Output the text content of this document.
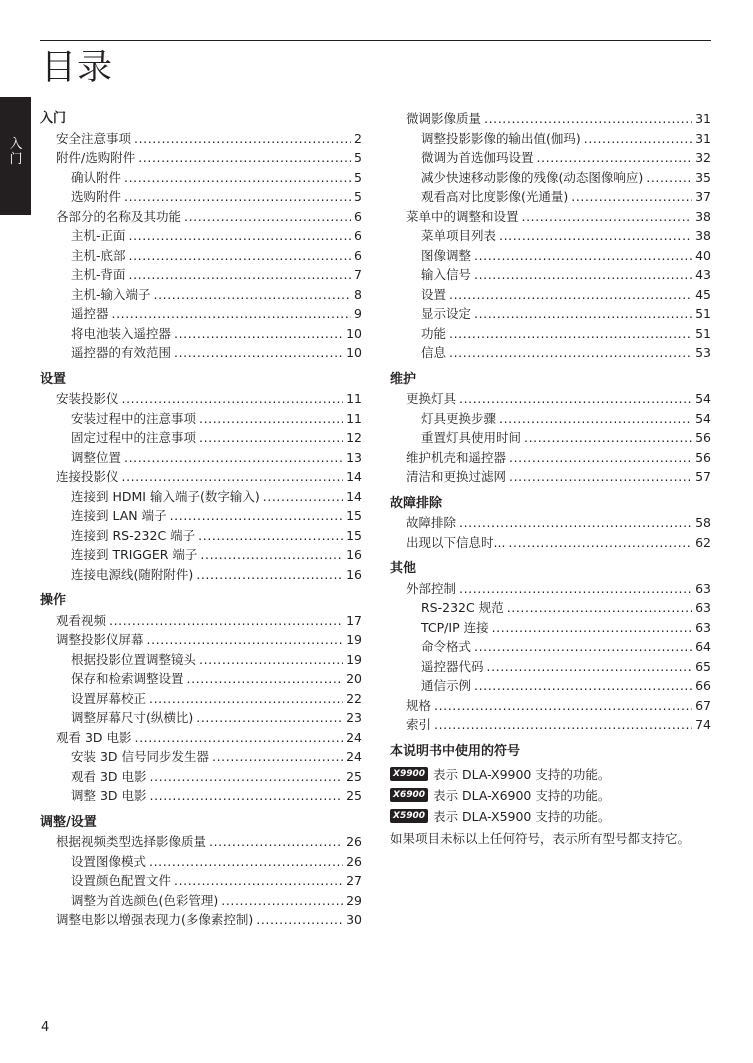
目录
入门
入门
安全注意事项 .....	2
附件/选购附件 .....	5
确认附件 .....	5
选购附件 .....	5
各部分的名称及其功能 .....	6
主机-正面 .....	6
主机-底部 .....	6
主机-背面 .....	7
主机-输入端子 .....	8
遥控器 .....	9
将电池装入遥控器 .....	10
遥控器的有效范围 .....	10
设置
安装投影仪 .....	11
安装过程中的注意事项 .....	11
固定过程中的注意事项 .....	12
调整位置 .....	13
连接投影仪 .....	14
连接到 HDMI 输入端子(数字输入) .....	14
连接到 LAN 端子 .....	15
连接到 RS-232C 端子 .....	15
连接到 TRIGGER 端子 .....	16
连接电源线(随附附件) .....	16
操作
观看视频 .....	17
调整投影仪屏幕 .....	19
根据投影位置调整镜头 .....	19
保存和检索调整设置 .....	20
设置屏幕校正 .....	22
调整屏幕尺寸(纵横比) .....	23
观看 3D 电影 .....	24
安装 3D 信号同步发生器 .....	24
观看 3D 电影 .....	25
调整 3D 电影 .....	25
调整/设置
根据视频类型选择影像质量 .....	26
设置图像模式 .....	26
设置颜色配置文件 .....	27
调整为首选颜色(色彩管理) .....	29
调整电影以增强表现力(多像素控制) .....	30
微调影像质量 .....	31
调整投影影像的输出值(伽玛) .....	31
微调为首选伽玛设置 .....	32
减少快速移动影像的残像(动态图像响应) .....	35
观看高对比度影像(光通量) .....	37
菜单中的调整和设置 .....	38
菜单项目列表 .....	38
图像调整 .....	40
输入信号 .....	43
设置 .....	45
显示设定 .....	51
功能 .....	51
信息 .....	53
维护
更换灯具 .....	54
灯具更换步骤 .....	54
重置灯具使用时间 .....	56
维护机壳和遥控器 .....	56
清洁和更换过滤网 .....	57
故障排除
故障排除 .....	58
出现以下信息时... .....	62
其他
外部控制 .....	63
RS-232C 规范 .....	63
TCP/IP 连接 .....	63
命令格式 .....	64
遥控器代码 .....	65
通信示例 .....	66
规格 .....	67
索引 .....	74
本说明书中使用的符号
X9900 表示 DLA-X9900 支持的功能。
X6900 表示 DLA-X6900 支持的功能。
X5900 表示 DLA-X5900 支持的功能。
如果项目未标以上任何符号，表示所有型号都支持它。
4
